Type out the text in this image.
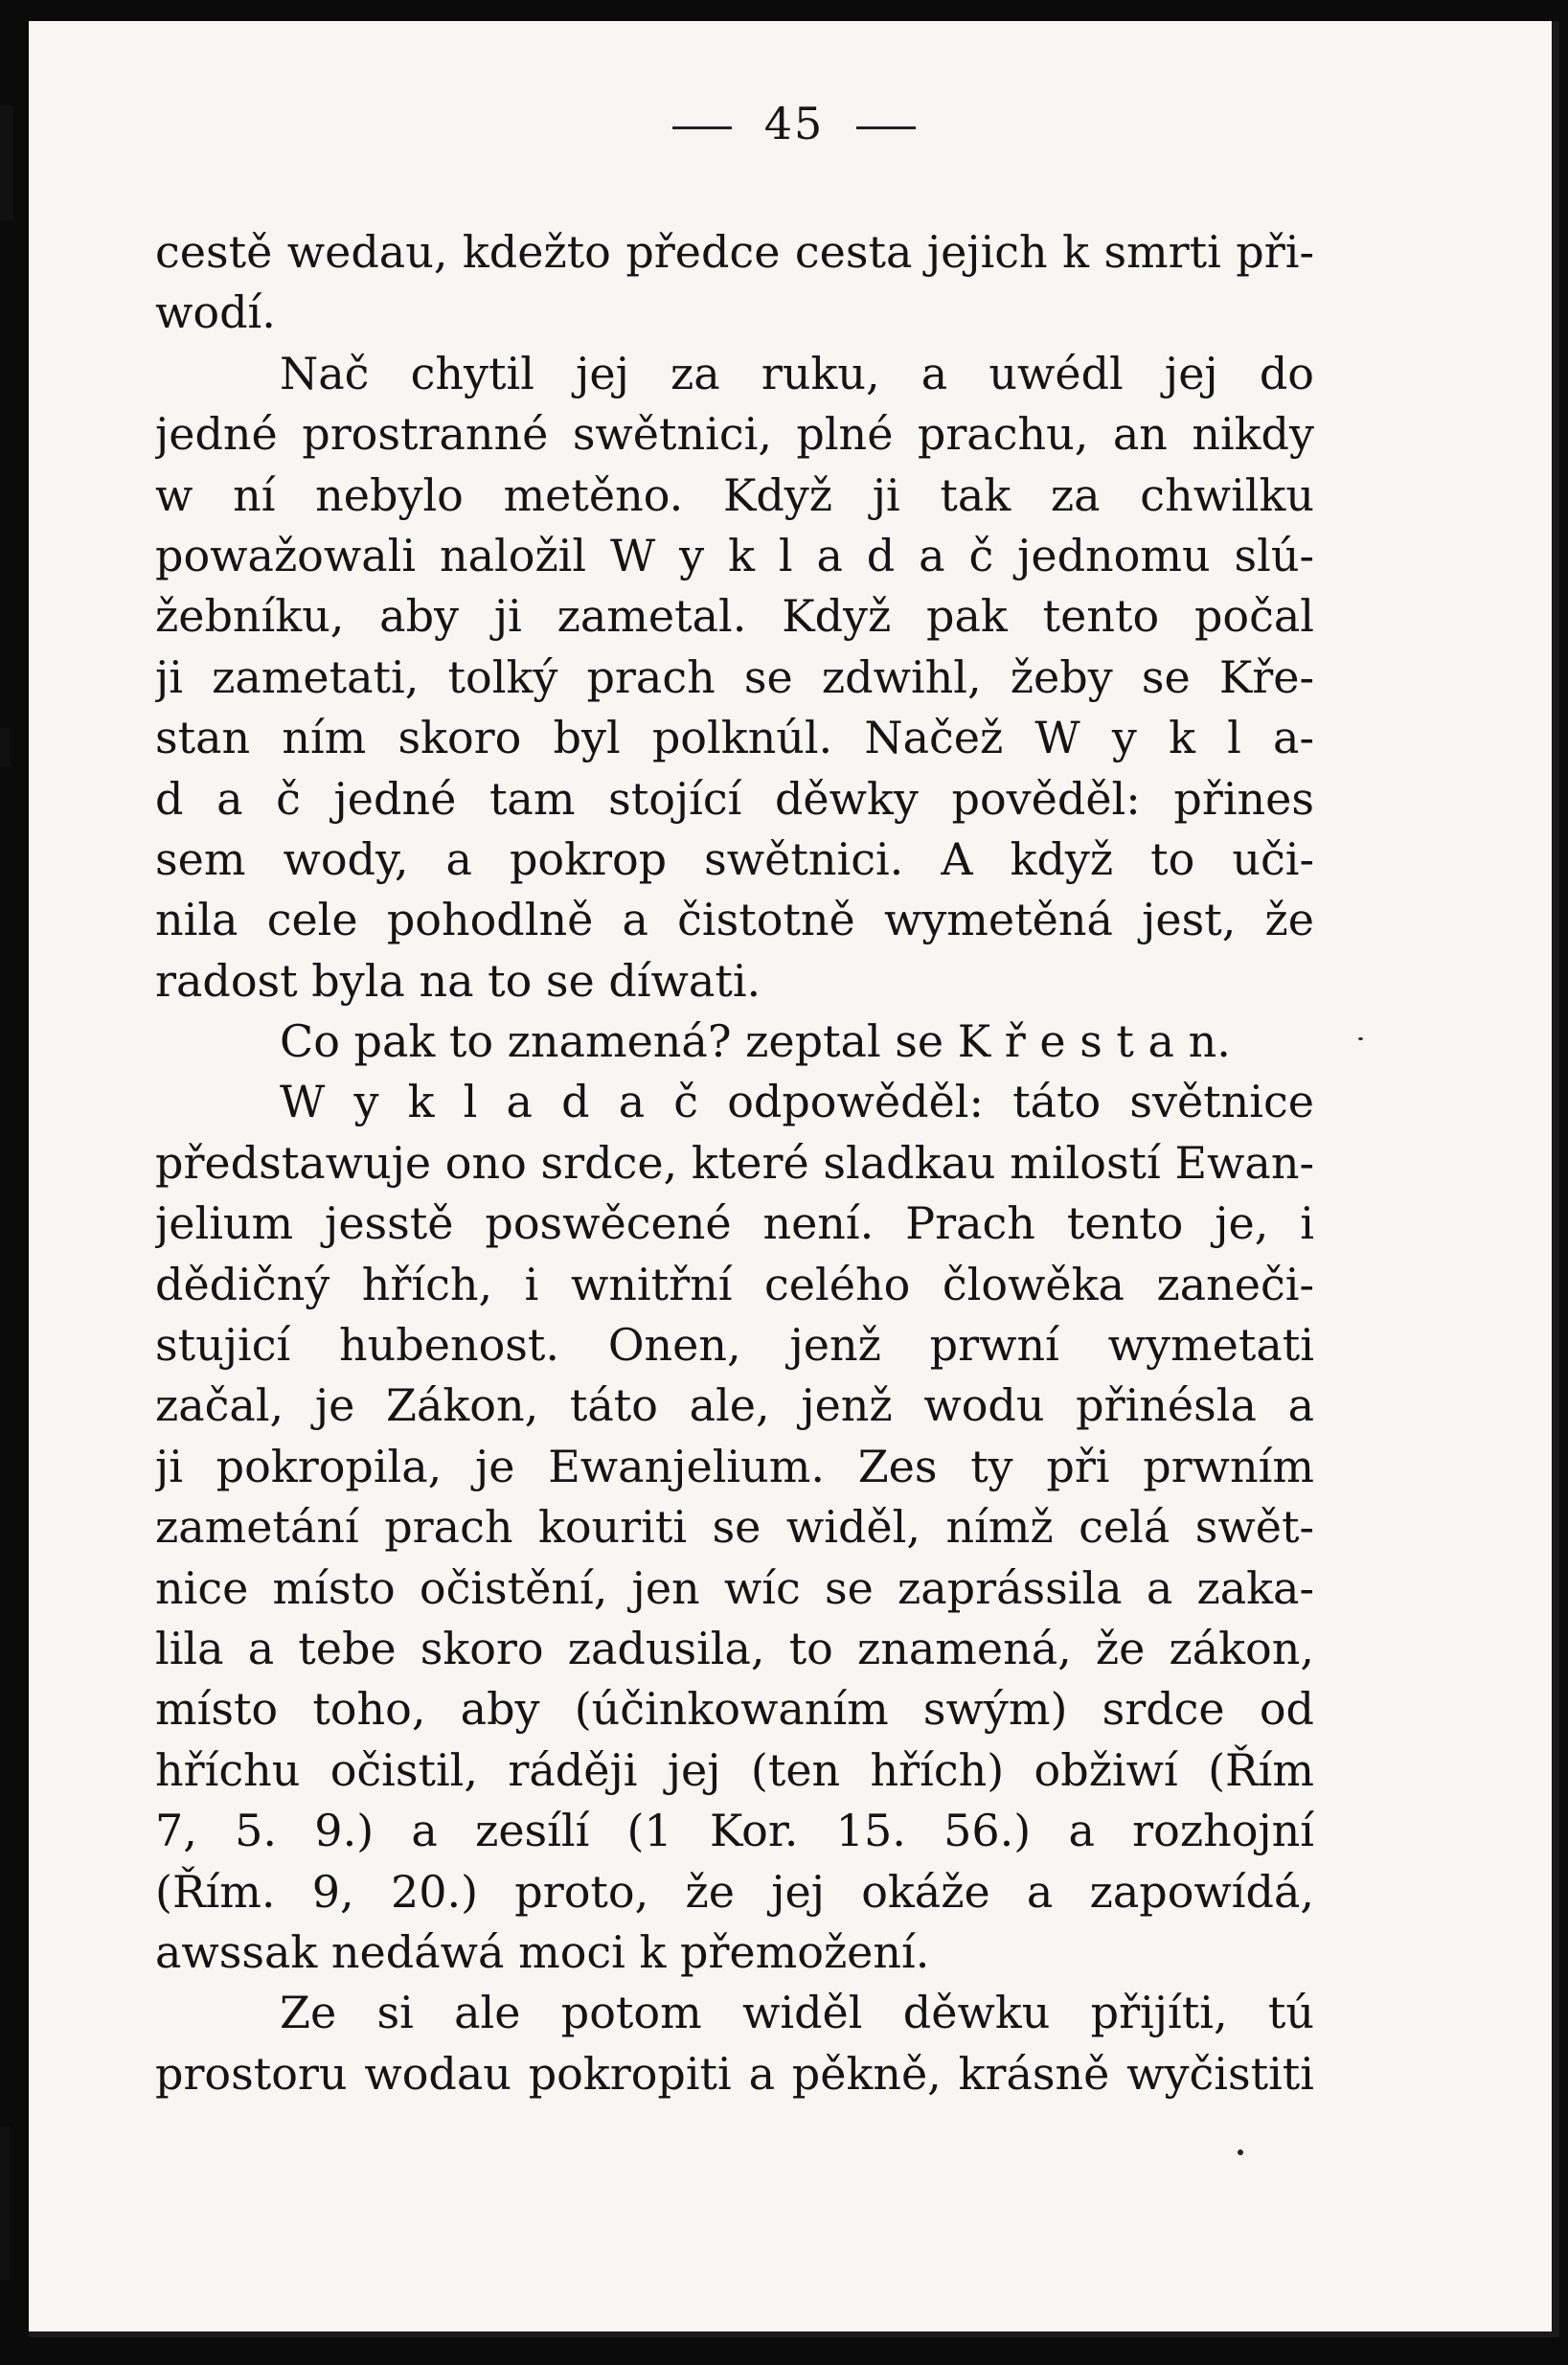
45
cestě wedau, kdežto předce cesta jejich k smrti při-
wodí.
Nač chytil jej za ruku, a uwédl jej do
jedné prostranné swětnici, plné prachu, an nikdy
w ní nebylo metěno. Když ji tak za chwilku
powažowali naložil W y k l a d a č jednomu slú-
žebníku, aby ji zametal. Když pak tento počal
ji zametati, tolký prach se zdwihl, žeby se Kře-
stan ním skoro byl polknúl. Načež W y k l a-
d a č jedné tam stojící děwky pověděl: přines
sem wody, a pokrop swětnici. A když to uči-
nila cele pohodlně a čistotně wymetěná jest, že
radost byla na to se díwati.
Co pak to znamená? zeptal se K ř e s t a n.
W y k l a d a č odpowěděl: táto světnice
předstawuje ono srdce, které sladkau milostí Ewan-
jelium jesstě poswěcené není. Prach tento je, i
dědičný hřích, i wnitřní celého člowěka zaneči-
stujicí hubenost. Onen, jenž prwní wymetati
začal, je Zákon, táto ale, jenž wodu přinésla a
ji pokropila, je Ewanjelium. Zes ty při prwním
zametání prach kouriti se widěl, nímž celá swět-
nice místo očistění, jen wíc se zaprássila a zaka-
lila a tebe skoro zadusila, to znamená, že zákon,
místo toho, aby (účinkowaním swým) srdce od
hříchu očistil, ráději jej (ten hřích) obžiwí (Řím
7, 5. 9.) a zesílí (1 Kor. 15. 56.) a rozhojní
(Řím. 9, 20.) proto, že jej okáže a zapowídá,
awssak nedáwá moci k přemožení.
Ze si ale potom widěl děwku přijíti, tú
prostoru wodau pokropiti a pěkně, krásně wyčistiti
